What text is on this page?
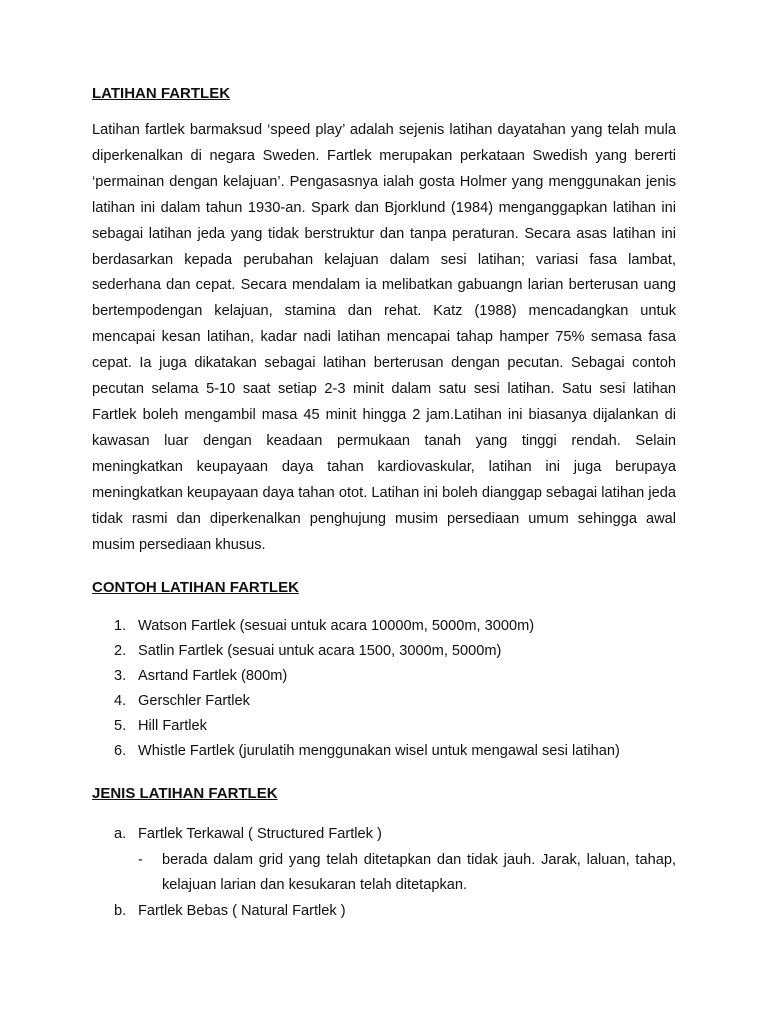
LATIHAN FARTLEK

Latihan fartlek barmaksud ‘speed play’ adalah sejenis latihan dayatahan yang telah mula diperkenalkan di negara Sweden. Fartlek merupakan perkataan Swedish yang bererti ‘permainan dengan kelajuan’. Pengasasnya ialah gosta Holmer yang menggunakan jenis latihan ini dalam tahun 1930-an. Spark dan Bjorklund (1984) menganggapkan latihan ini sebagai latihan jeda yang tidak berstruktur dan tanpa peraturan. Secara asas latihan ini berdasarkan kepada perubahan kelajuan dalam sesi latihan; variasi fasa lambat, sederhana dan cepat. Secara mendalam ia melibatkan gabuangn larian berterusan uang bertempodengan kelajuan, stamina dan rehat. Katz (1988) mencadangkan untuk mencapai kesan latihan, kadar nadi latihan mencapai tahap hamper 75% semasa fasa cepat. Ia juga dikatakan sebagai latihan berterusan dengan pecutan. Sebagai contoh pecutan selama 5-10 saat setiap 2-3 minit dalam satu sesi latihan. Satu sesi latihan Fartlek boleh mengambil masa 45 minit hingga 2 jam.Latihan ini biasanya dijalankan di kawasan luar dengan keadaan permukaan tanah yang tinggi rendah. Selain meningkatkan keupayaan daya tahan kardiovaskular, latihan ini juga berupaya meningkatkan keupayaan daya tahan otot. Latihan ini boleh dianggap sebagai latihan jeda tidak rasmi dan diperkenalkan penghujung musim persediaan umum sehingga awal musim persediaan khusus.

CONTOH LATIHAN FARTLEK
1. Watson Fartlek (sesuai untuk acara 10000m, 5000m, 3000m)
2. Satlin Fartlek (sesuai untuk acara 1500, 3000m, 5000m)
3. Asrtand Fartlek (800m)
4. Gerschler Fartlek
5. Hill Fartlek
6. Whistle Fartlek (jurulatih menggunakan wisel untuk mengawal sesi latihan)
JENIS LATIHAN FARTLEK
a. Fartlek Terkawal ( Structured Fartlek )
-	berada dalam grid yang telah ditetapkan dan tidak jauh. Jarak, laluan, tahap, kelajuan larian dan kesukaran telah ditetapkan.
b. Fartlek Bebas ( Natural Fartlek )
